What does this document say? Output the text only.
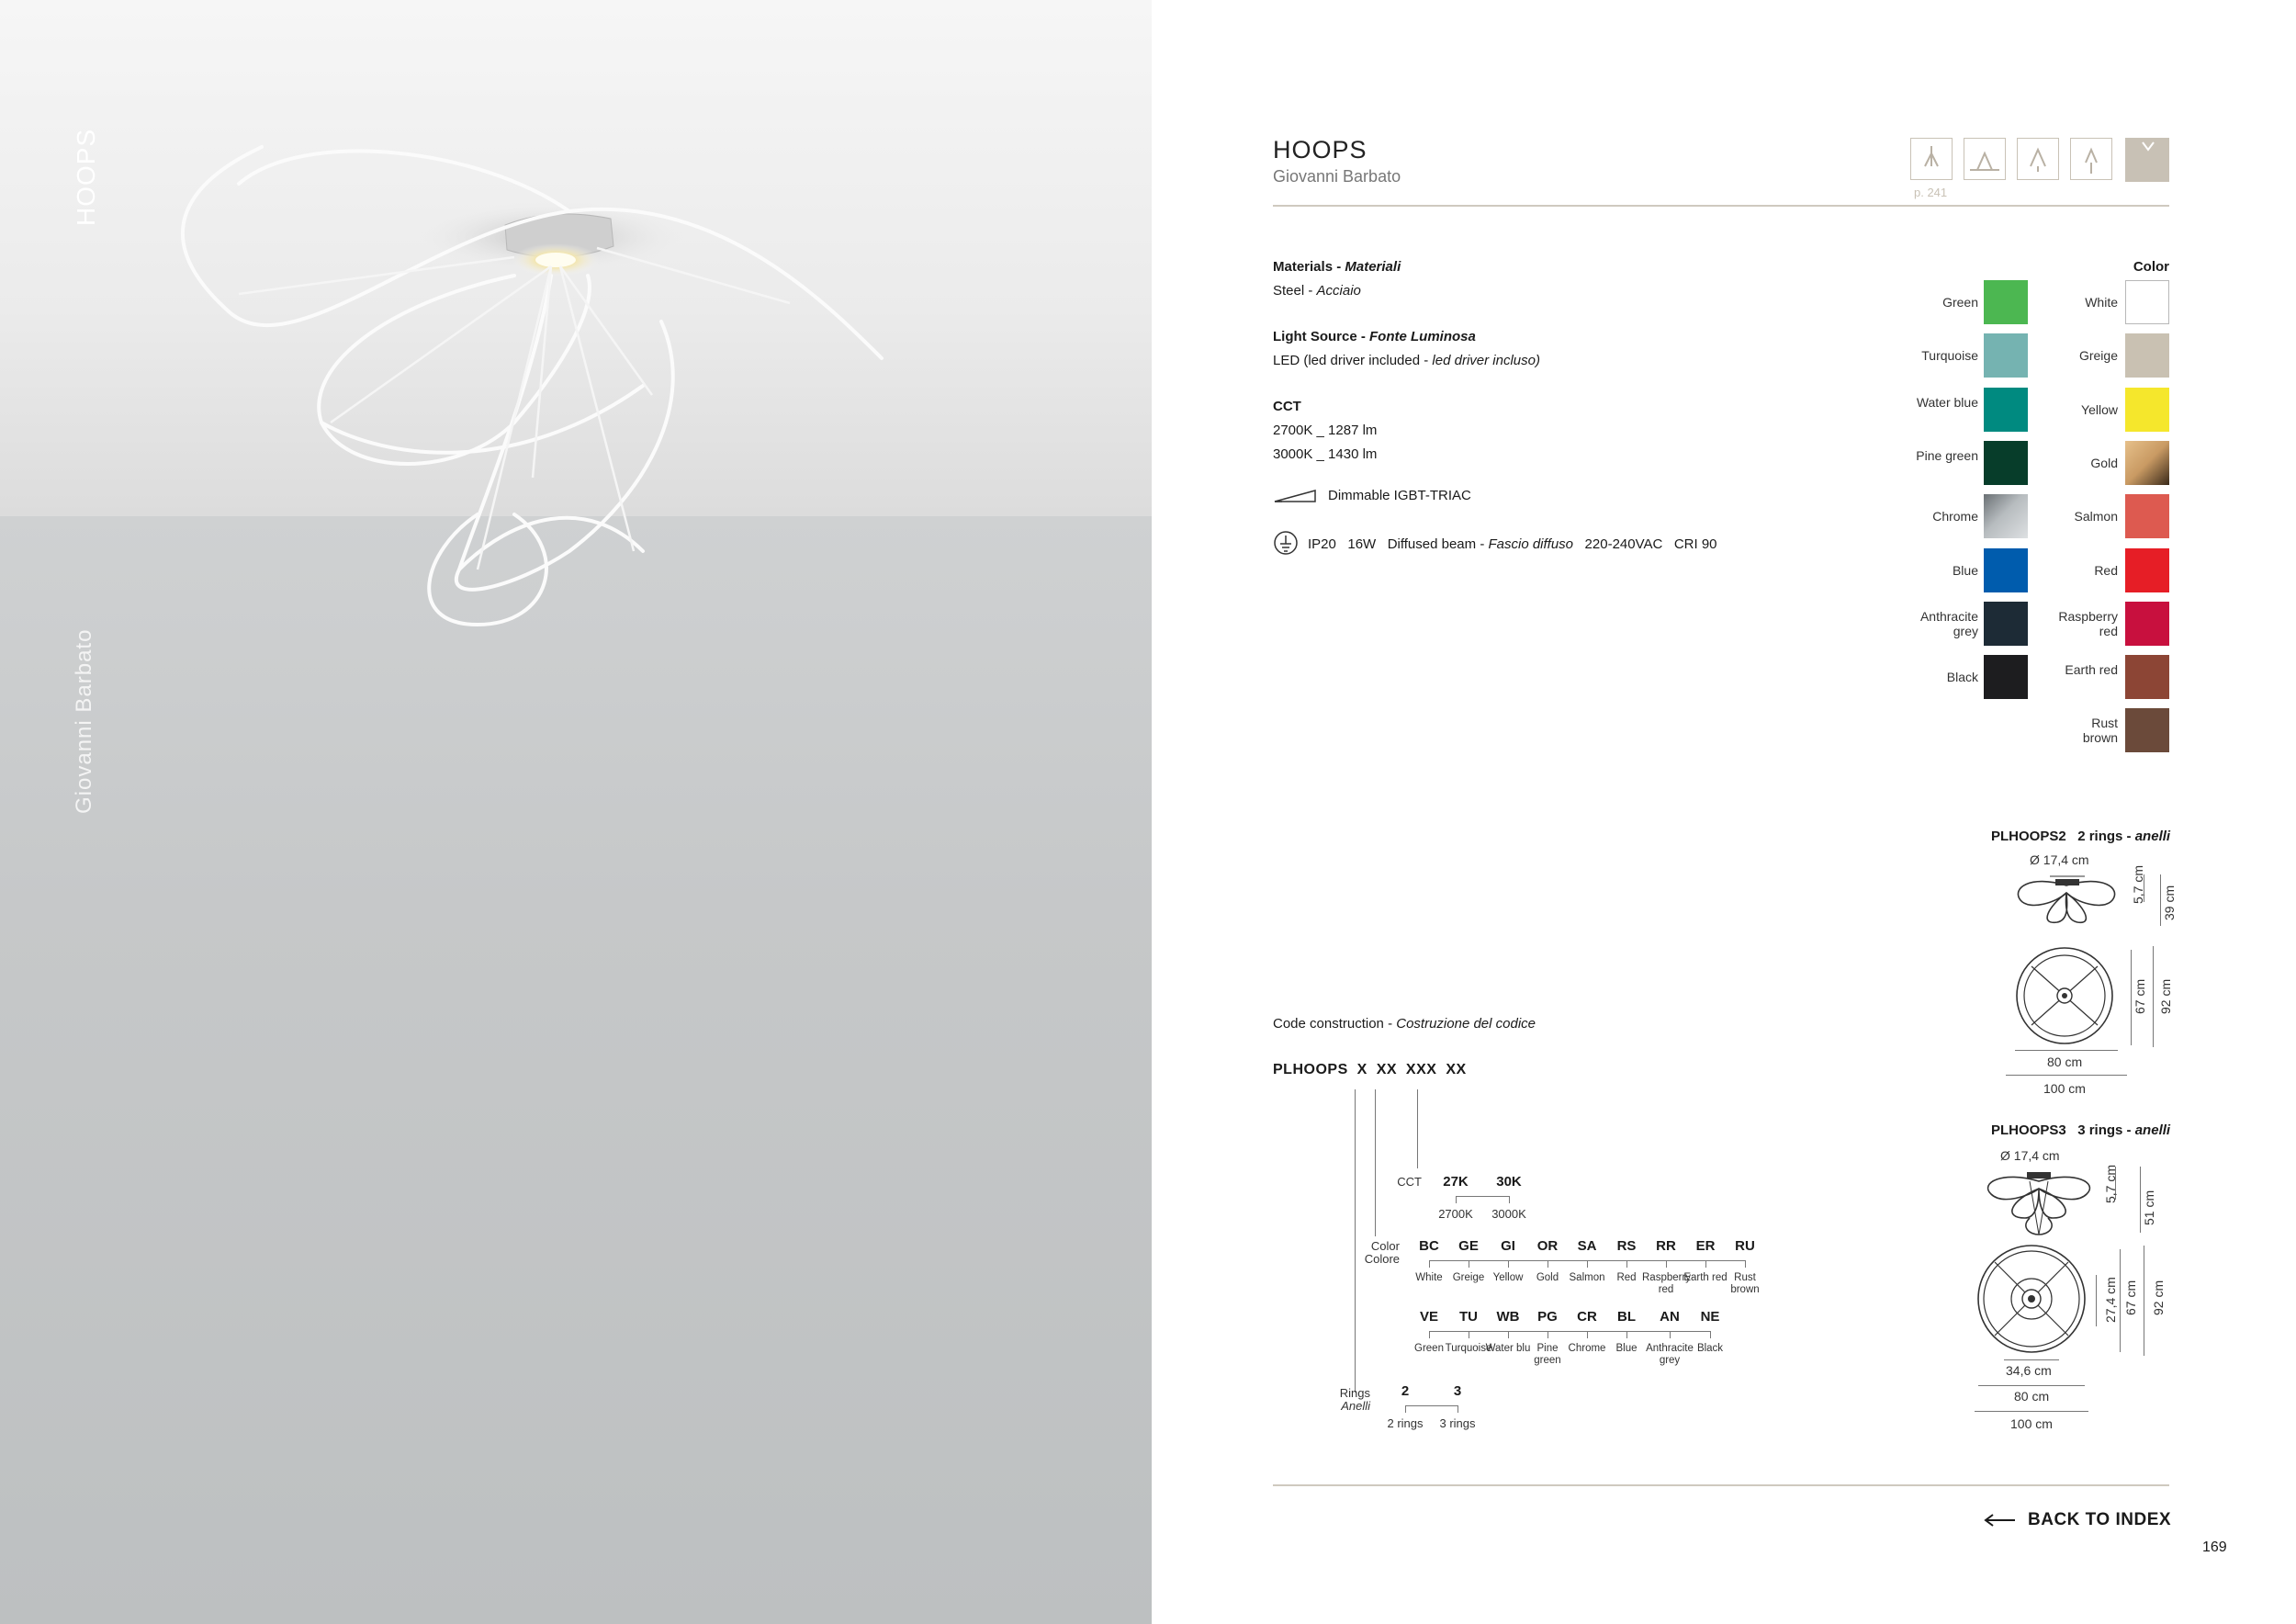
HOOPS
Giovanni Barbato
HOOPS
Giovanni Barbato
p. 241
Materials - Materiali
Steel - Acciaio
Light Source - Fonte Luminosa
LED (led driver included - led driver incluso)
CCT
2700K _ 1287 lm
3000K _ 1430 lm
Dimmable IGBT-TRIAC
IP20   16W   Diffused beam - Fascio diffuso 220-240VAC   CRI 90
Color
White
Greige
Yellow
Gold
Salmon
Red
Raspberry red
Earth red
Rust brown
Green
Turquoise
Water blue
Pine green
Chrome
Blue
Anthracite grey
Black
Code construction - Costruzione del codice
PLHOOPS  X  XX  XXX  XX
CCT
Color
Colore
Rings
Anelli
27K
2700K
30K
3000K
BC
White
GE
Greige
GI
Yellow
OR
Gold
SA
Salmon
RS
Red
RR
Raspberry red
ER
Earth red
RU
Rust brown
VE
Green
TU
Turquoise
WB
Water blu
PG
Pine green
CR
Chrome
BL
Blue
AN
Anthracite grey
NE
Black
2
2 rings
3
3 rings
PLHOOPS2   2 rings - anelli
Ø 17,4 cm
5,7 cm 39 cm
67 cm 92 cm
80 cm
100 cm
PLHOOPS3   3 rings - anelli
Ø 17,4 cm
5,7 cm
51 cm
27,4 cm 67 cm 92 cm
34,6 cm
80 cm
100 cm
BACK TO INDEX
169
